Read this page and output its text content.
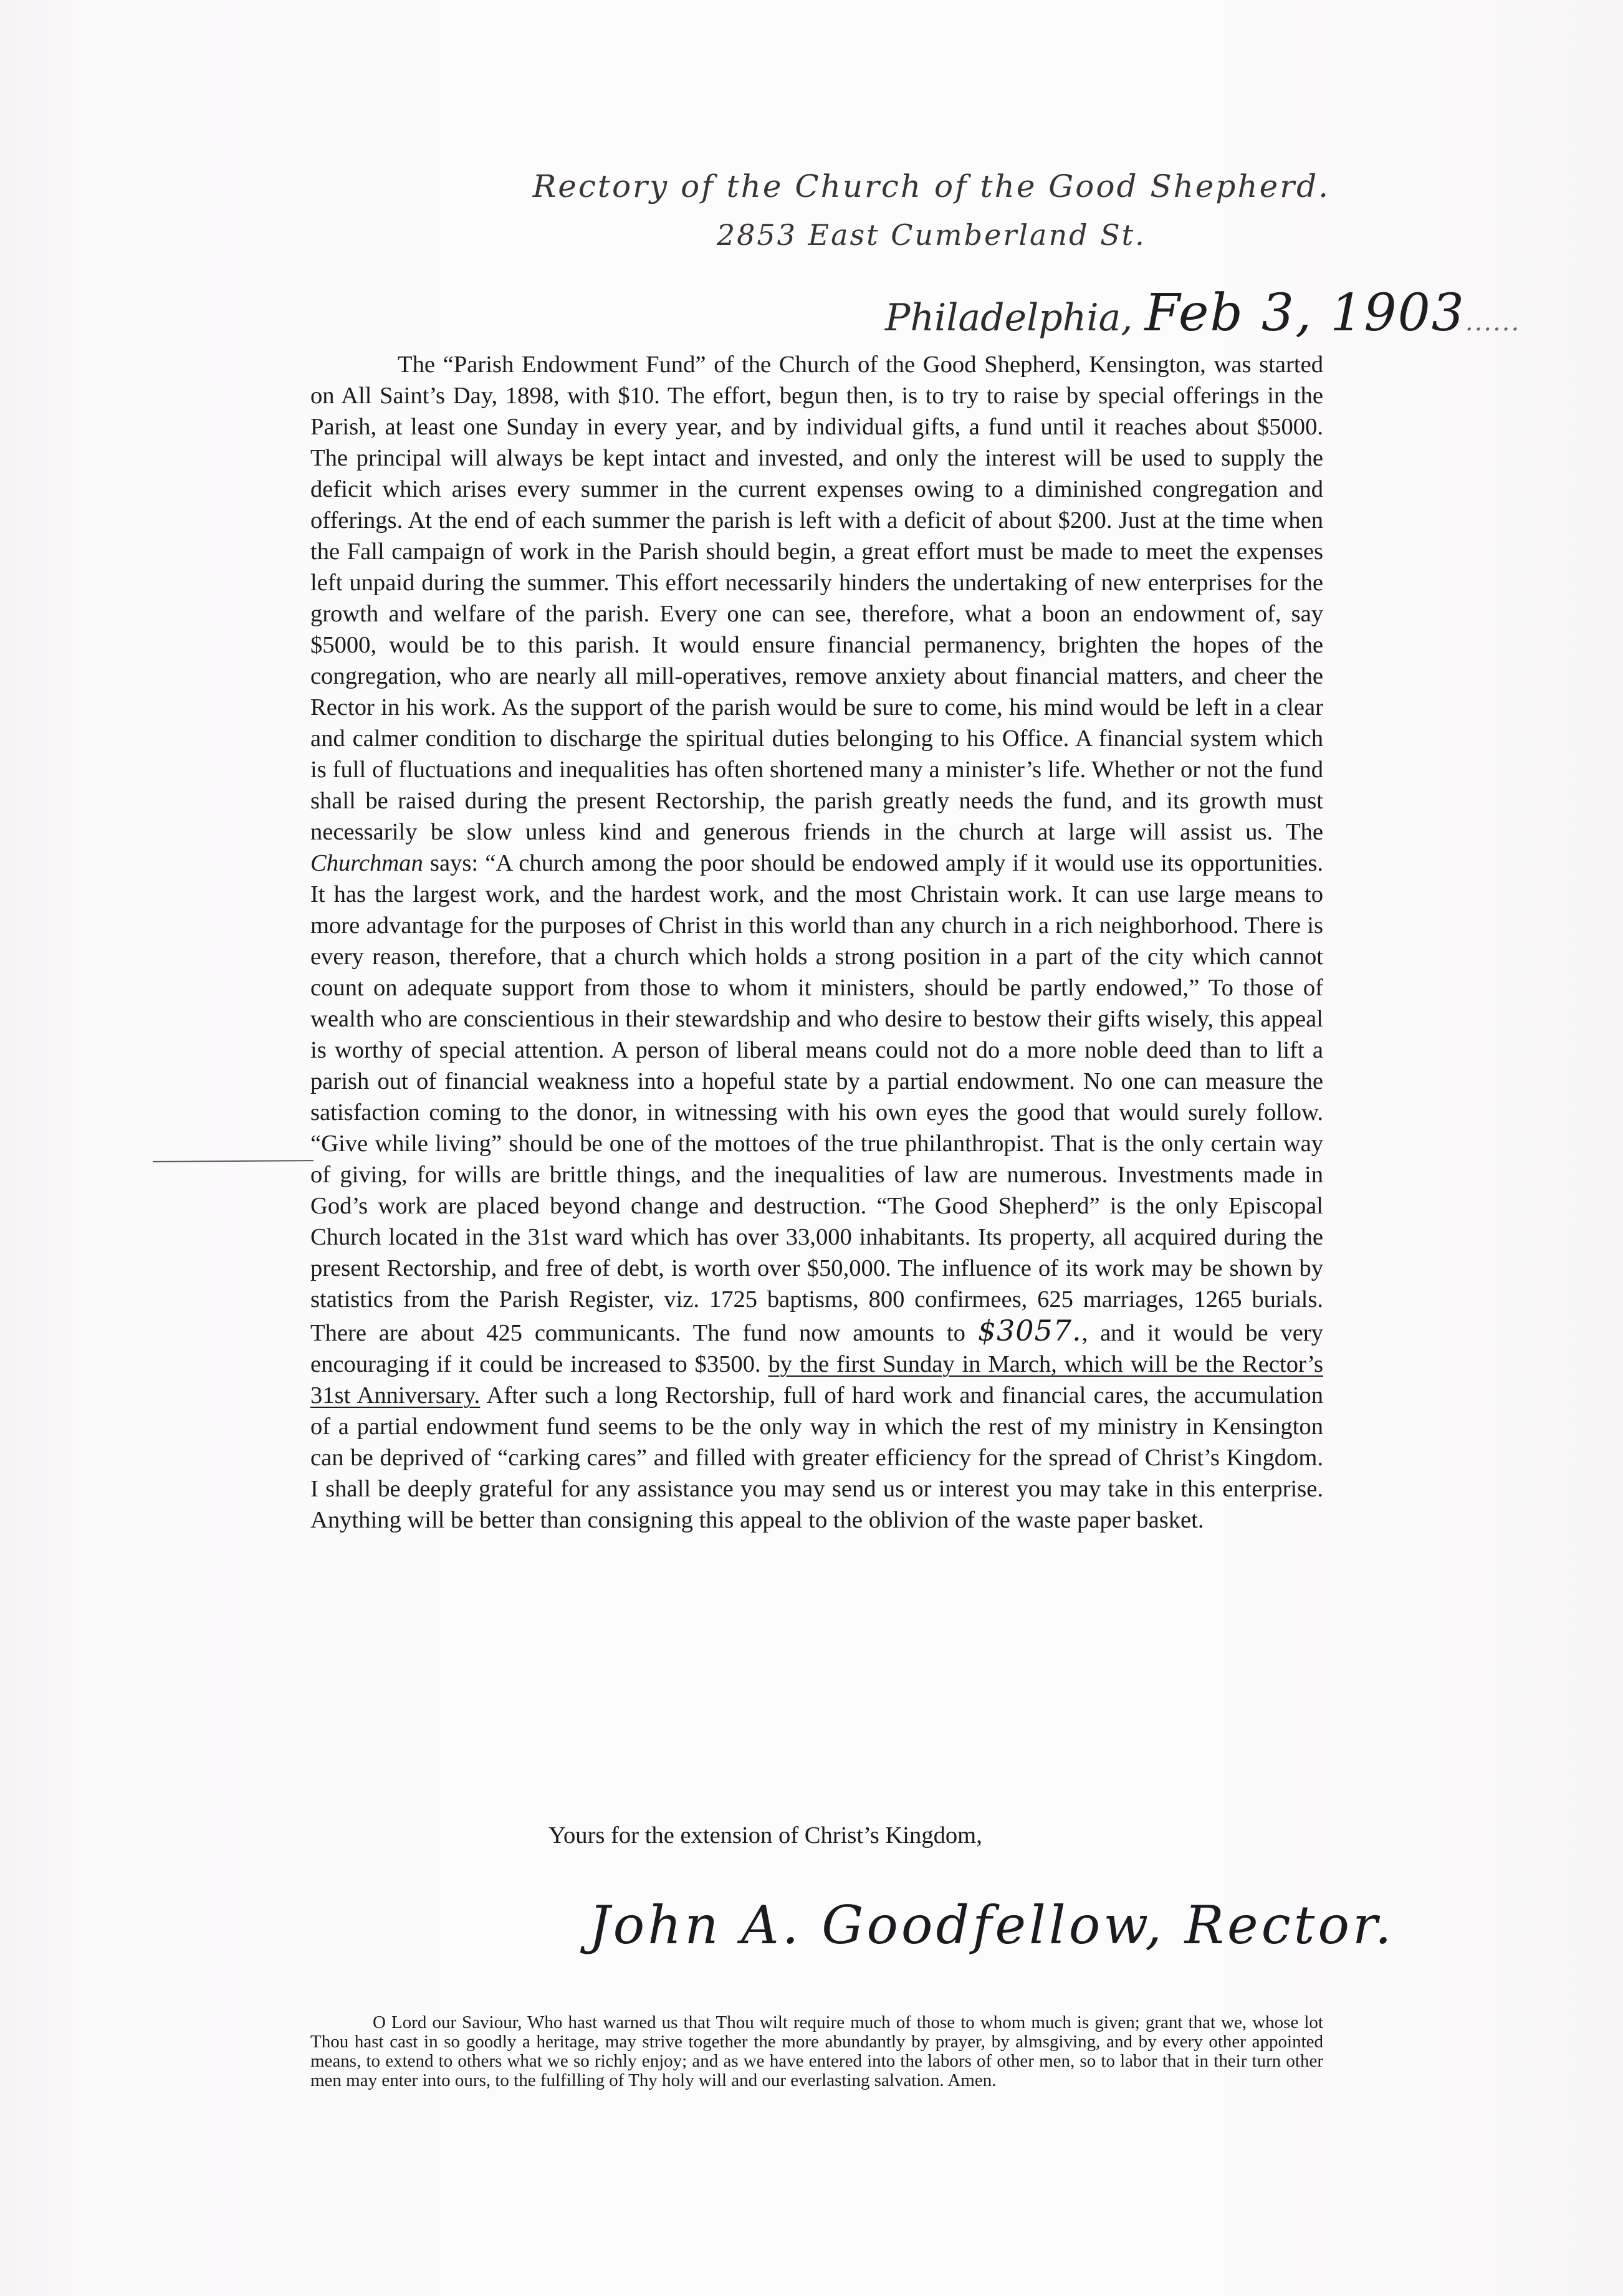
Rectory of the Church of the Good Shepherd.
2853 East Cumberland St.
Philadelphia, Feb 3, 1903......

The “Parish Endowment Fund” of the Church of the Good Shepherd, Kensington, was started on All Saint’s Day, 1898, with $10. The effort, begun then, is to try to raise by special offerings in the Parish, at least one Sunday in every year, and by individual gifts, a fund until it reaches about $5000. The principal will always be kept intact and invested, and only the interest will be used to supply the deficit which arises every summer in the current expenses owing to a diminished congregation and offerings. At the end of each summer the parish is left with a deficit of about $200. Just at the time when the Fall campaign of work in the Parish should begin, a great effort must be made to meet the expenses left unpaid during the summer. This effort necessarily hinders the undertaking of new enterprises for the growth and welfare of the parish. Every one can see, therefore, what a boon an endowment of, say $5000, would be to this parish. It would ensure financial permanency, brighten the hopes of the congregation, who are nearly all mill-operatives, remove anxiety about financial matters, and cheer the Rector in his work. As the support of the parish would be sure to come, his mind would be left in a clear and calmer condition to discharge the spiritual duties belonging to his Office. A financial system which is full of fluctuations and inequalities has often shortened many a minister’s life. Whether or not the fund shall be raised during the present Rectorship, the parish greatly needs the fund, and its growth must necessarily be slow unless kind and generous friends in the church at large will assist us. The Churchman says: “A church among the poor should be endowed amply if it would use its opportunities. It has the largest work, and the hardest work, and the most Christain work. It can use large means to more advantage for the purposes of Christ in this world than any church in a rich neighborhood. There is every reason, therefore, that a church which holds a strong position in a part of the city which cannot count on adequate support from those to whom it ministers, should be partly endowed,” To those of wealth who are conscientious in their stewardship and who desire to bestow their gifts wisely, this appeal is worthy of special attention. A person of liberal means could not do a more noble deed than to lift a parish out of financial weakness into a hopeful state by a partial endowment. No one can measure the satisfaction coming to the donor, in witnessing with his own eyes the good that would surely follow. “Give while living” should be one of the mottoes of the true philanthropist. That is the only certain way of giving, for wills are brittle things, and the inequalities of law are numerous. Investments made in God’s work are placed beyond change and destruction. “The Good Shepherd” is the only Episcopal Church located in the 31st ward which has over 33,000 inhabitants. Its property, all acquired during the present Rectorship, and free of debt, is worth over $50,000. The influence of its work may be shown by statistics from the Parish Register, viz. 1725 baptisms, 800 confirmees, 625 marriages, 1265 burials. There are about 425 communicants. The fund now amounts to $3057., and it would be very encouraging if it could be increased to $3500. by the first Sunday in March, which will be the Rector’s 31st Anniversary. After such a long Rectorship, full of hard work and financial cares, the accumulation of a partial endowment fund seems to be the only way in which the rest of my ministry in Kensington can be deprived of “carking cares” and filled with greater efficiency for the spread of Christ’s Kingdom. I shall be deeply grateful for any assistance you may send us or interest you may take in this enterprise. Anything will be better than consigning this appeal to the oblivion of the waste paper basket.

Yours for the extension of Christ’s Kingdom,
John A. Goodfellow, Rector.

O Lord our Saviour, Who hast warned us that Thou wilt require much of those to whom much is given; grant that we, whose lot Thou hast cast in so goodly a heritage, may strive together the more abundantly by prayer, by almsgiving, and by every other appointed means, to extend to others what we so richly enjoy; and as we have entered into the labors of other men, so to labor that in their turn other men may enter into ours, to the fulfilling of Thy holy will and our everlasting salvation. Amen.
